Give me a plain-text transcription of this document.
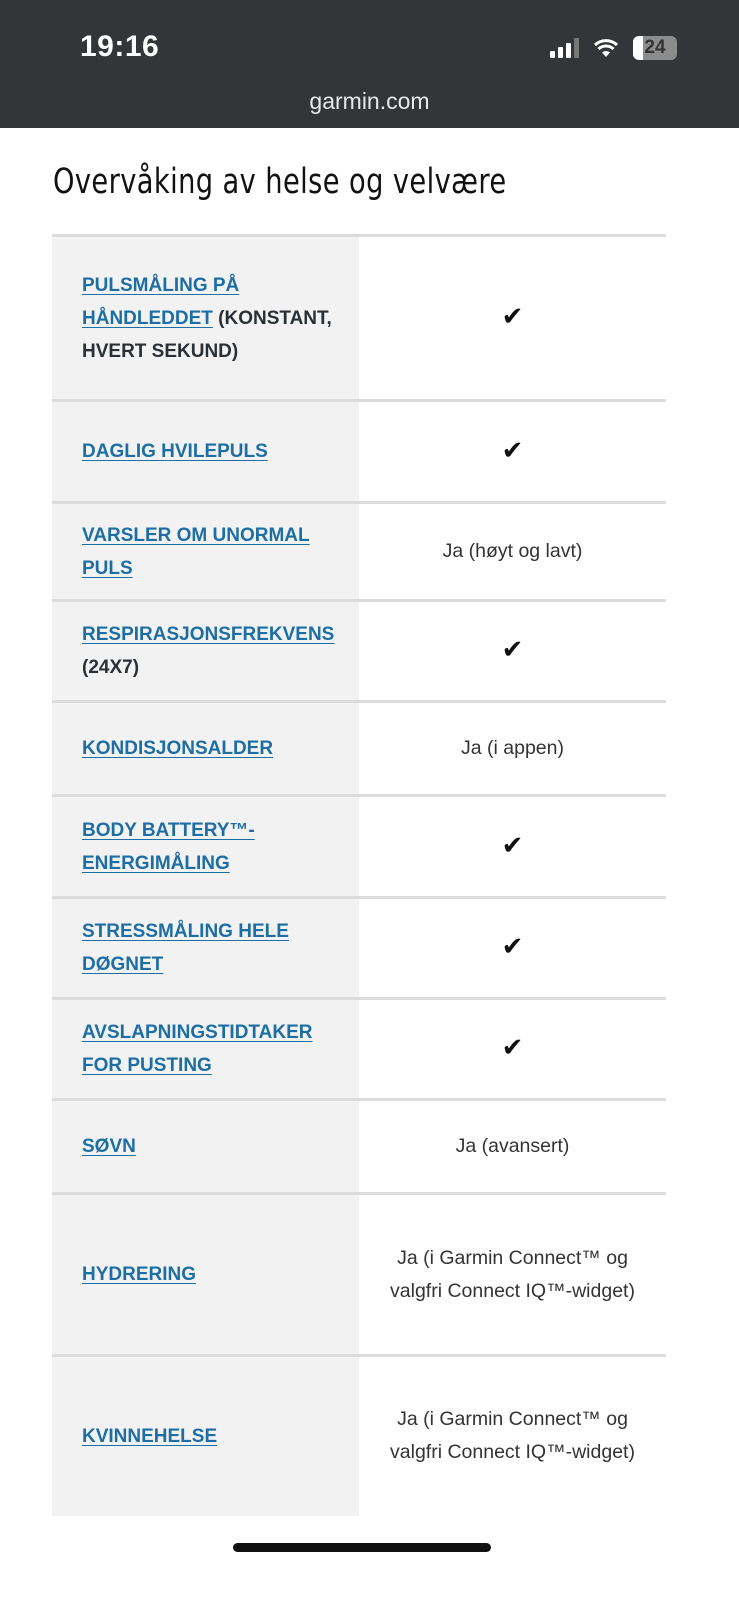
19:16	24
garmin.com
Overvåking av helse og velvære
PULSMÅLING PÅ HÅNDLEDDET (KONSTANT, HVERT SEKUND)	✔
DAGLIG HVILEPULS	✔
VARSLER OM UNORMAL PULS	Ja (høyt og lavt)
RESPIRASJONSFREKVENS (24X7)	✔
KONDISJONSALDER	Ja (i appen)
BODY BATTERY™-ENERGIMÅLING	✔
STRESSMÅLING HELE DØGNET	✔
AVSLAPNINGSTIDTAKER FOR PUSTING	✔
SØVN	Ja (avansert)
HYDRERING	Ja (i Garmin Connect™ og valgfri Connect IQ™-widget)
KVINNEHELSE	Ja (i Garmin Connect™ og valgfri Connect IQ™-widget)
